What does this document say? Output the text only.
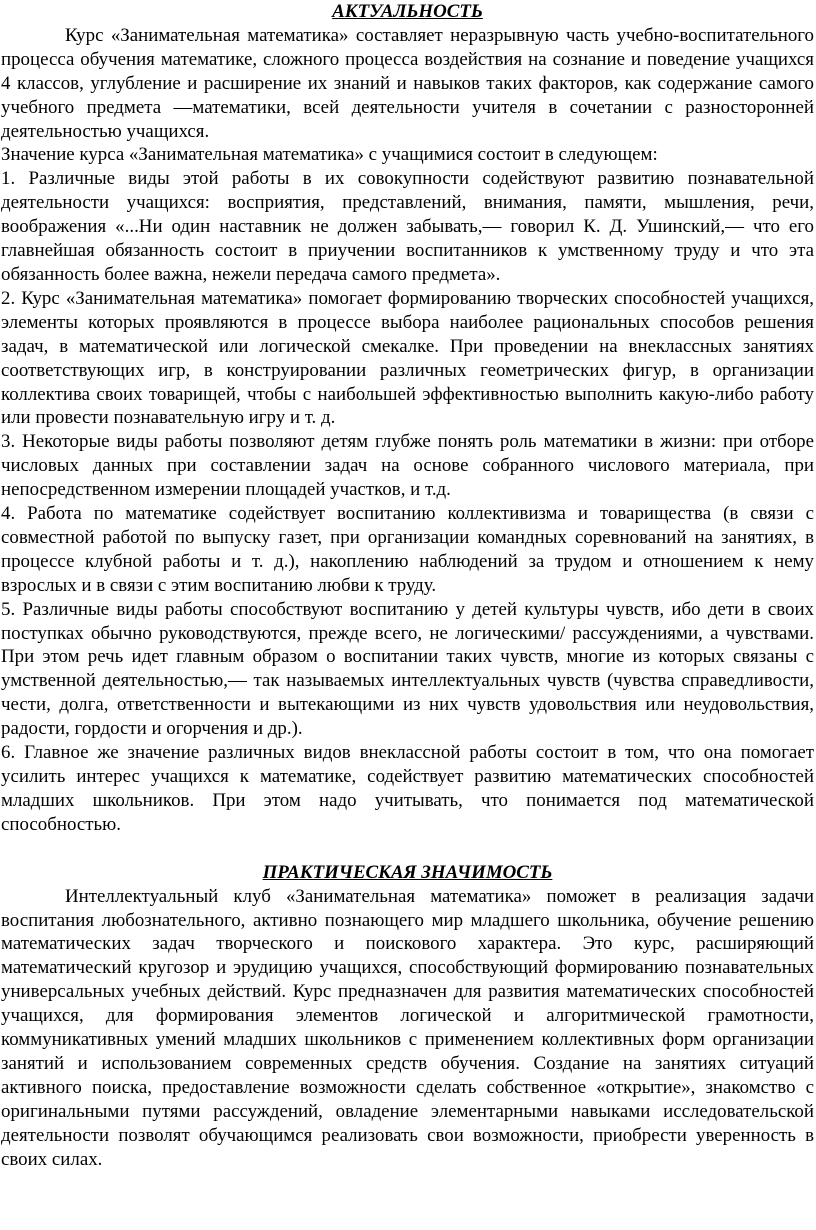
АКТУАЛЬНОСТЬ

Курс «Занимательная математика» составляет неразрывную часть учебно-воспитательного процесса обучения математике, сложного процесса воздействия на сознание и поведение учащихся 4 классов, углубление и расширение их знаний и навыков таких факторов, как содержание самого учебного предмета —математики, всей деятельности учителя в сочетании с разносторонней деятельностью учащихся.

Значение курса «Занимательная математика» с учащимися состоит в следующем:

1. Различные виды этой работы в их совокупности содействуют развитию познавательной деятельности учащихся: восприятия, представлений, внимания, памяти, мышления, речи, воображения «...Ни один наставник не должен забывать,— говорил К. Д. Ушинский,— что его главнейшая обязанность состоит в приучении воспитанников к умственному труду и что эта обязанность более важна, нежели передача самого предмета».

2. Курс «Занимательная математика» помогает формированию творческих способностей учащихся, элементы которых проявляются в процессе выбора наиболее рациональных способов решения задач, в математической или логической смекалке. При проведении на внеклассных занятиях соответствующих игр, в конструировании различных геометрических фигур, в организации коллектива своих товарищей, чтобы с наибольшей эффективностью выполнить какую-либо работу или провести познавательную игру и т. д.

3. Некоторые виды работы позволяют детям глубже понять роль математики в жизни: при отборе числовых данных при составлении задач на основе собранного числового материала, при непосредственном измерении площадей участков, и т.д.

4. Работа по математике содействует воспитанию коллективизма и товарищества (в связи с совместной работой по выпуску газет, при организации командных соревнований на занятиях, в процессе клубной работы и т. д.), накоплению наблюдений за трудом и отношением к нему взрослых и в связи с этим воспитанию любви к труду.

5. Различные виды работы способствуют воспитанию у детей культуры чувств, ибо дети в своих поступках обычно руководствуются, прежде всего, не логическими/ рассуждениями, а чувствами. При этом речь идет главным образом о воспитании таких чувств, многие из которых связаны с умственной деятельностью,— так называемых интеллектуальных чувств (чувства справедливости, чести, долга, ответственности и вытекающими из них чувств удовольствия или неудовольствия, радости, гордости и огорчения и др.).

6. Главное же значение различных видов внеклассной работы состоит в том, что она помогает усилить интерес учащихся к математике, содействует развитию математических способностей младших школьников. При этом надо учитывать, что понимается под математической способностью.

ПРАКТИЧЕСКАЯ ЗНАЧИМОСТЬ

Интеллектуальный клуб «Занимательная математика» поможет в реализация задачи воспитания любознательного, активно познающего мир младшего школьника, обучение решению математических задач творческого и поискового характера. Это курс, расширяющий математический кругозор и эрудицию учащихся, способствующий формированию познавательных универсальных учебных действий. Курс предназначен для развития математических способностей учащихся, для формирования элементов логической и алгоритмической грамотности, коммуникативных умений младших школьников с применением коллективных форм организации занятий и использованием современных средств обучения. Создание на занятиях ситуаций активного поиска, предоставление возможности сделать собственное «открытие», знакомство с оригинальными путями рассуждений, овладение элементарными навыками исследовательской деятельности позволят обучающимся реализовать свои возможности, приобрести уверенность в своих силах.
